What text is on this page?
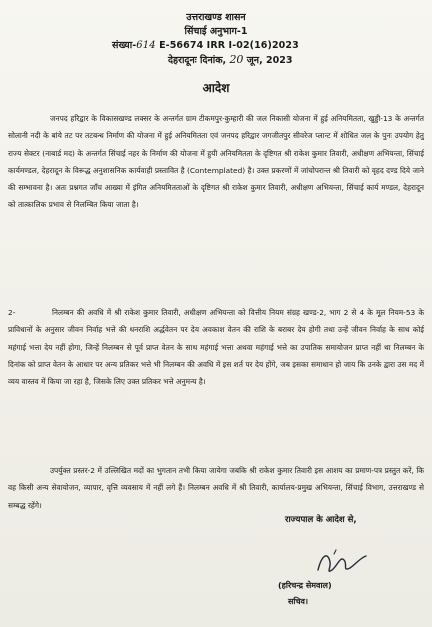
उत्तराखण्ड शासन
सिंचाई अनुभाग-1
संख्या-614 E-56674 IRR I-02(16)2023
देहरादूनः दिनांक, 20 जून, 2023
आदेश
जनपद हरिद्वार के विकासखण्ड लक्सर के अन्तर्गत ग्राम टीकमपुर-कुम्हारी की जल निकासी योजना में हुई अनियमितता, खुड्डी-13 के अन्तर्गत सोलानी नदी के बांये तट पर तटबन्ध निर्माण की योजना में हुई अनियमितता एवं जनपद हरिद्वार जगजीतपुर सीवरेज प्लान्ट में शोधित जल के पुनः उपयोग हेतु राज्य सेक्टर (नाबार्ड मद) के अन्तर्गत सिंचाई नहर के निर्माण की योजना में हुयी अनियमितता के दृष्टिगत श्री राकेश कुमार तिवारी, अधीक्षण अभियन्ता, सिंचाई कार्यमण्डल, देहरादून के विरूद्ध अनुशासनिक कार्यवाही प्रस्तावित है (Contemplated) है। उक्त प्रकरणों में जांचोपरान्त श्री तिवारी को वृहद दण्ड दिये जाने की सम्भावना है। अतः प्रश्नगत जाँच आख्या में इंगित अनियमितताओं के दृष्टिगत श्री राकेश कुमार तिवारी, अधीक्षण अभियन्ता, सिंचाई कार्य मण्डल, देहरादून को तात्कालिक प्रभाव से निलम्बित किया जाता है।
2-	निलम्बन की अवधि में श्री राकेश कुमार तिवारी, अधीक्षण अभियन्ता को वित्तीय नियम संग्रह खण्ड-2, भाग 2 से 4 के मूल नियम-53 के प्राविधानों के अनुसार जीवन निर्वाह भत्ते की धनराशि अर्द्धवेतन पर देय अवकाश वेतन की राशि के बराबर देय होगी तथा उन्हें जीवन निर्वाह के साथ कोई महंगाई भत्ता देय नहीं होगा, जिन्हें निलम्बन से पूर्व प्राप्त वेतन के साथ महंगाई भत्ता अथवा महंगाई भत्ते का उपातिक समायोजन प्राप्त नहीं था निलम्बन के दिनांक को प्राप्त वेतन के आधार पर अन्य प्रतिकर भत्ते भी निलम्बन की अवधि में इस शर्त पर देय होंगे, जब इसका समाधान हो जाय कि उनके द्वारा उस मद में व्यय वास्तव में किया जा रहा है, जिसके लिए उक्त प्रतिकर भत्ते अनुमन्य है।
उपर्युक्त प्रस्तर-2 में उल्लिखित मदों का भुगतान तभी किया जायेगा जबकि श्री राकेश कुमार तिवारी इस आशय का प्रमाण-पत्र प्रस्तुत करें, कि वह किसी अन्य सेवायोजन, व्यापार, वृत्ति व्यवसाय में नहीं लगे हैं। निलम्बन अवधि में श्री तिवारी, कार्यालय-प्रमुख अभियन्ता, सिंचाई विभाग, उत्तराखण्ड से सम्बद्ध रहेंगे।
राज्यपाल के आदेश से,
(हरिचन्द्र सेमवाल)
सचिव।
